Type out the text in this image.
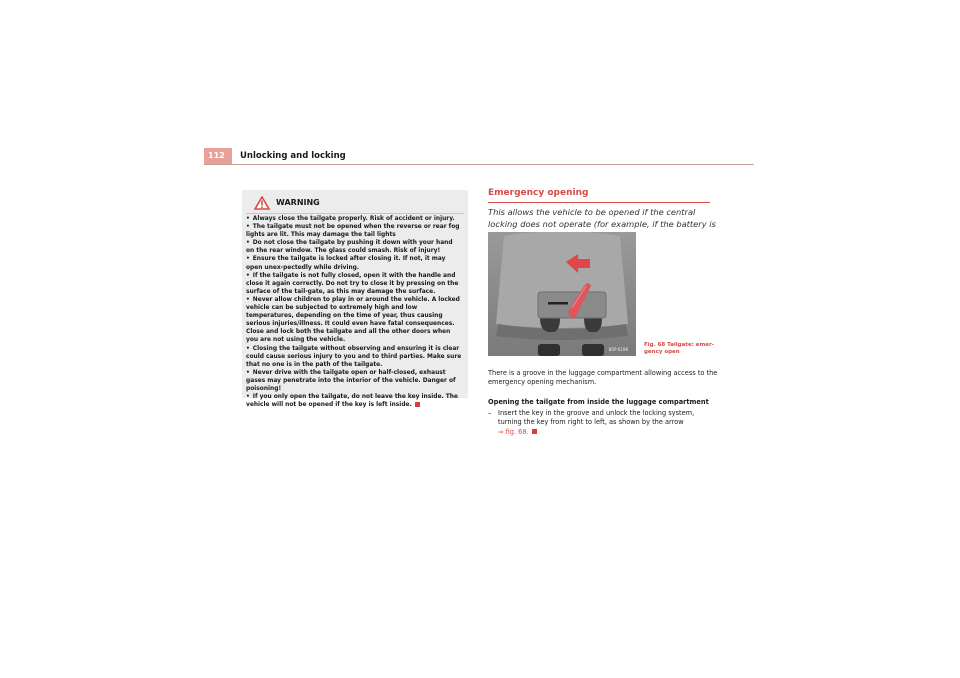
112	Unlocking and locking
WARNING
• Always close the tailgate properly. Risk of accident or injury.
• The tailgate must not be opened when the reverse or rear fog lights are lit. This may damage the tail lights
• Do not close the tailgate by pushing it down with your hand on the rear window. The glass could smash. Risk of injury!
• Ensure the tailgate is locked after closing it. If not, it may open unex-pectedly while driving.
• If the tailgate is not fully closed, open it with the handle and close it again correctly. Do not try to close it by pressing on the surface of the tail-gate, as this may damage the surface.
• Never allow children to play in or around the vehicle. A locked vehicle can be subjected to extremely high and low temperatures, depending on the time of year, thus causing serious injuries/illness. It could even have fatal consequences. Close and lock both the tailgate and all the other doors when you are not using the vehicle.
• Closing the tailgate without observing and ensuring it is clear could cause serious injury to you and to third parties. Make sure that no one is in the path of the tailgate.
• Never drive with the tailgate open or half-closed, exhaust gases may penetrate into the interior of the vehicle. Danger of poisoning!
• If you only open the tailgate, do not leave the key inside. The vehicle will not be opened if the key is left inside.
Emergency opening
This allows the vehicle to be opened if the central locking does not operate (for example, if the battery is
B5P-0198
Fig. 68 Tailgate: emer-gency open
There is a groove in the luggage compartment allowing access to the emergency opening mechanism.
Opening the tailgate from inside the luggage compartment
–	Insert the key in the groove and unlock the locking system, turning the key from right to left, as shown by the arrow
⇒ fig. 68.
